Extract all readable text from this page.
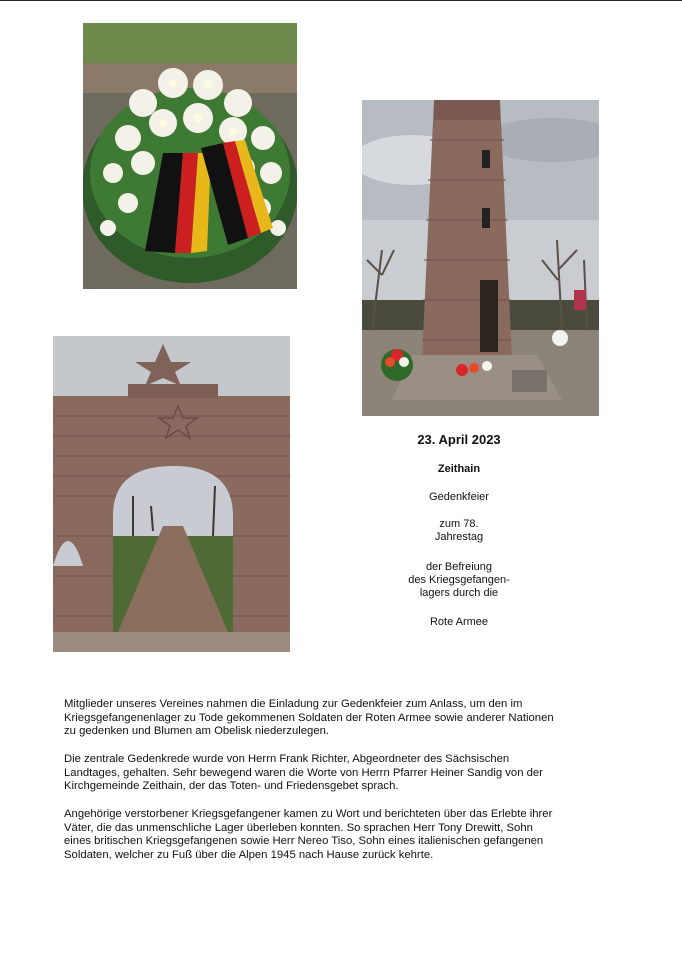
23. April 2023
Zeithain
Gedenkfeier
zum 78.
Jahrestag
der Befreiung
des Kriegsgefangen-
lagers durch die
Rote Armee

Mitglieder unseres Vereines nahmen die Einladung zur Gedenkfeier zum Anlass, um den im
Kriegsgefangenenlager zu Tode gekommenen Soldaten der Roten Armee sowie anderer Nationen
zu gedenken und Blumen am Obelisk niederzulegen.

Die zentrale Gedenkrede wurde von Herrn Frank Richter, Abgeordneter des Sächsischen
Landtages, gehalten. Sehr bewegend waren die Worte von Herrn Pfarrer Heiner Sandig von der
Kirchgemeinde Zeithain, der das Toten- und Friedensgebet sprach.

Angehörige verstorbener Kriegsgefangener kamen zu Wort und berichteten über das Erlebte ihrer
Väter, die das unmenschliche Lager überleben konnten. So sprachen Herr Tony Drewitt, Sohn
eines britischen Kriegsgefangenen sowie Herr Nereo Tiso, Sohn eines italienischen gefangenen
Soldaten, welcher zu Fuß über die Alpen 1945 nach Hause zurück kehrte.
